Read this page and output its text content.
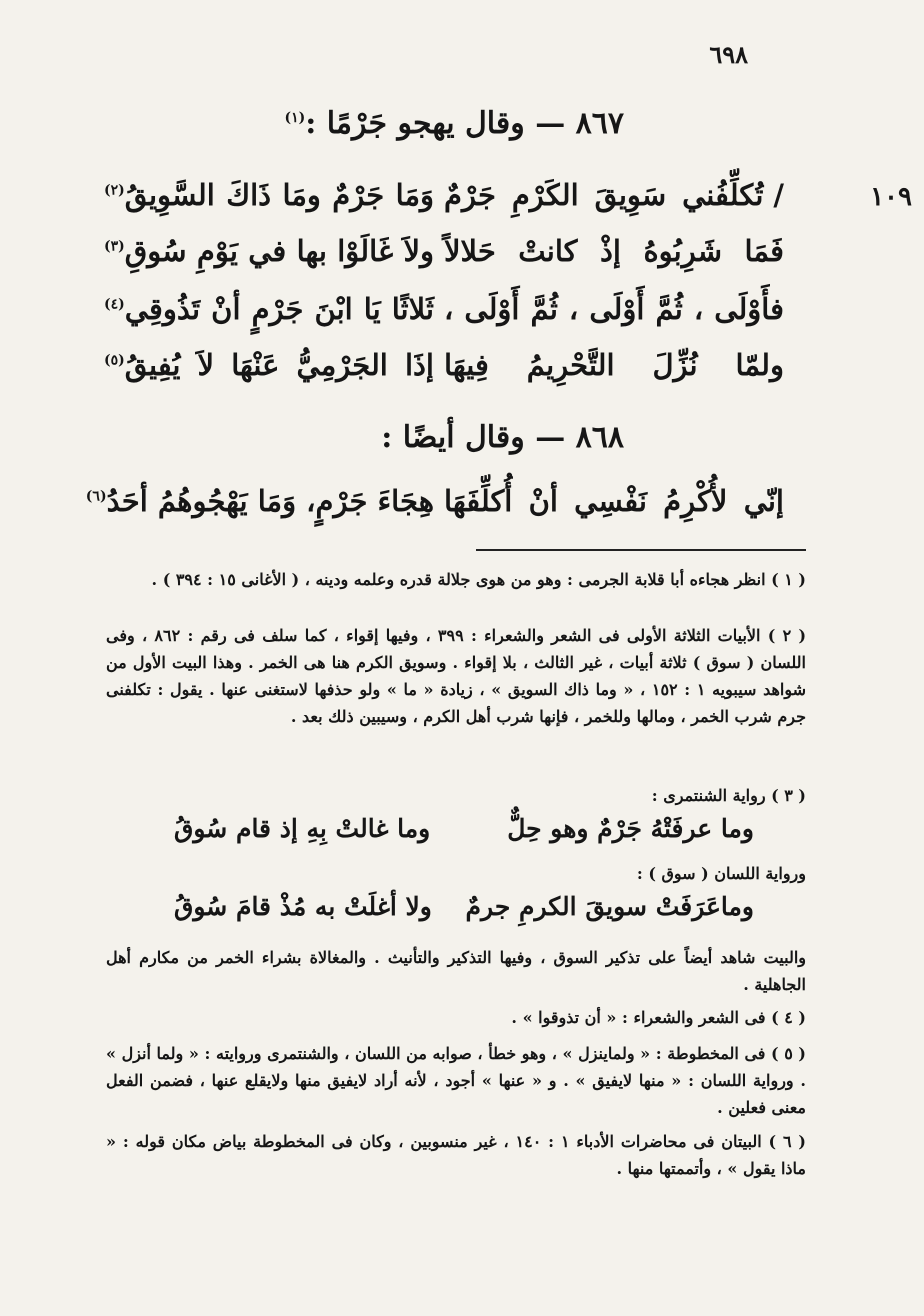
٦٩٨
٨٦٧ — وقال يهجو جَرْمًا :$^{(١)}$
١٠٩
/تُكلِّفُني سَوِيقَ الكَرْمِ جَرْمٌ
وَمَا جَرْمٌ ومَا ذَاكَ السَّوِيقُ$^{(٢)}$
فَمَا شَرِبُوهُ إذْ كانتْ حَلالاً
ولاَ غَالَوْا بها في يَوْمِ سُوقِ$^{(٣)}$
فأَوْلَى ، ثُمَّ أَوْلَى ، ثُمَّ أَوْلَى ،
ثَلاثًا يَا ابْنَ جَرْمٍ أنْ تَذُوقِي$^{(٤)}$
ولمّا نُزِّلَ التَّحْرِيمُ فِيهَا
إذَا الجَرْمِيُّ عَنْهَا لاَ يُفِيقُ$^{(٥)}$
٨٦٨ — وقال أيضًا :
إنّي لأُكْرِمُ نَفْسِي أنْ أُكلِّفَهَا
هِجَاءَ جَرْمٍ، وَمَا يَهْجُوهُمُ أحَدُ$^{(٦)}$
( ١ ) انظر هجاءه أبا قلابة الجرمى : وهو من هوى جلالة قدره وعلمه ودينه ، ( الأغانى ١٥ : ٣٩٤ ) .
( ٢ ) الأبيات الثلاثة الأولى فى الشعر والشعراء : ٣٩٩ ، وفيها إقواء ، كما سلف فى رقم : ٨٦٢ ، وفى اللسان ( سوق ) ثلاثة أبيات ، غير الثالث ، بلا إقواء . وسويق الكرم هنا هى الخمر . وهذا البيت الأول من شواهد سيبويه ١ : ١٥٢ ، « وما ذاك السويق » ، زيادة « ما » ولو حذفها لاستغنى عنها . يقول : تكلفنى جرم شرب الخمر ، ومالها وللخمر ، فإنها شرب أهل الكرم ، وسيبين ذلك بعد .
( ٣ ) رواية الشنتمرى :
وما عرفَتْهُ جَرْمٌ وهو حِلٌّ
وما غالتْ بِهِ إذ قام سُوقُ
ورواية اللسان ( سوق ) :
وماعَرَفَتْ سويقَ الكرمِ جرمٌ
ولا أغلَتْ به مُذْ قامَ سُوقُ
والبيت شاهد أيضاً على تذكير السوق ، وفيها التذكير والتأنيث . والمغالاة بشراء الخمر من مكارم أهل الجاهلية .
( ٤ ) فى الشعر والشعراء : « أن تذوقوا » .
( ٥ ) فى المخطوطة : « ولماينزل » ، وهو خطأ ، صوابه من اللسان ، والشنتمرى وروايته : « ولما أنزل » . ورواية اللسان : « منها لايفيق » . و « عنها » أجود ، لأنه أراد لايفيق منها ولايقلع عنها ، فضمن الفعل معنى فعلين .
( ٦ ) البيتان فى محاضرات الأدباء ١ : ١٤٠ ، غير منسوبين ، وكان فى المخطوطة بياض مكان قوله : « ماذا يقول » ، وأتممتها منها .
